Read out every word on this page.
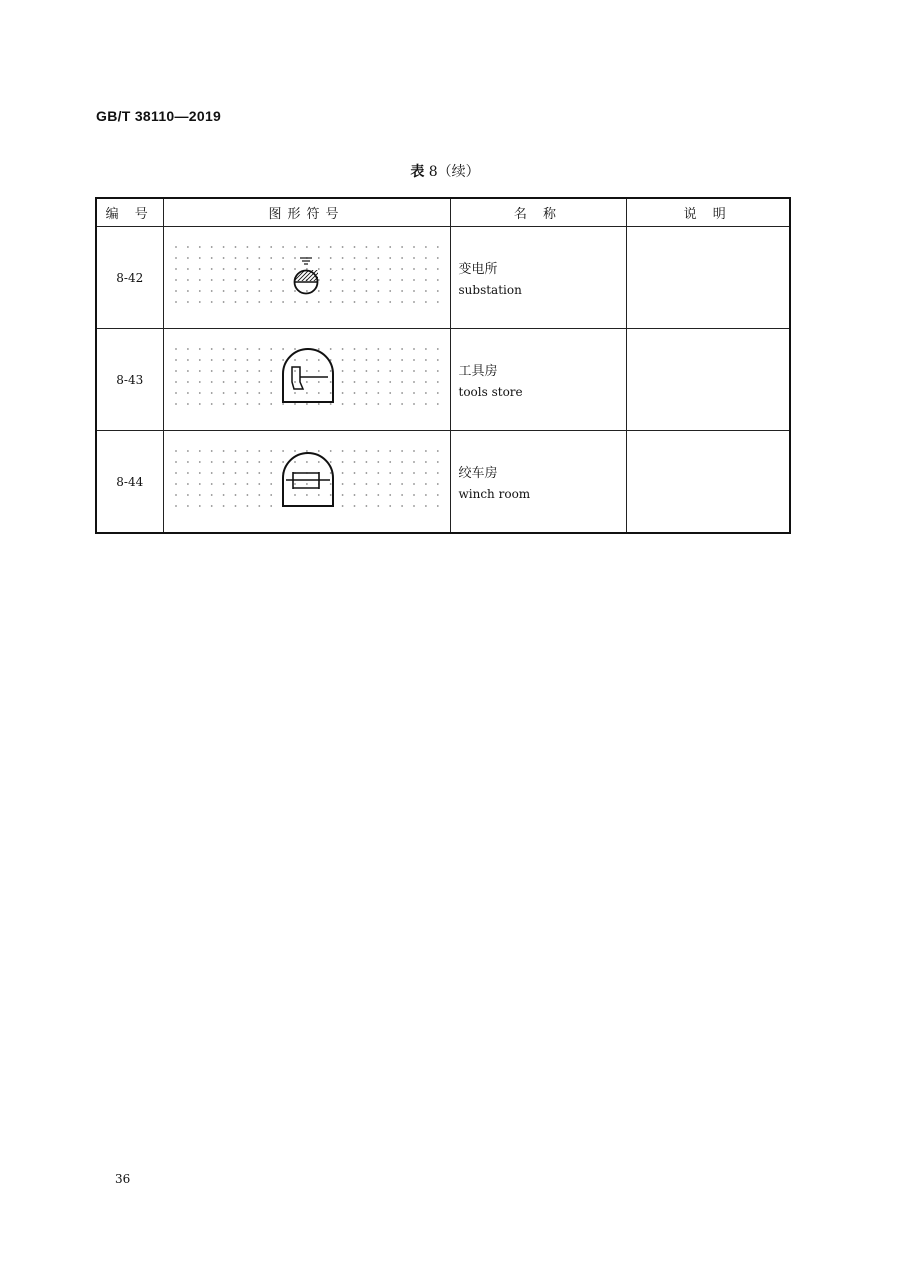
GB/T 38110—2019
表 8（续）
编 号	图形符号	名 称	说 明
8-42		变电所
substation	

8-43		工具房
tools store	

8-44		绞车房
winch room	

36
